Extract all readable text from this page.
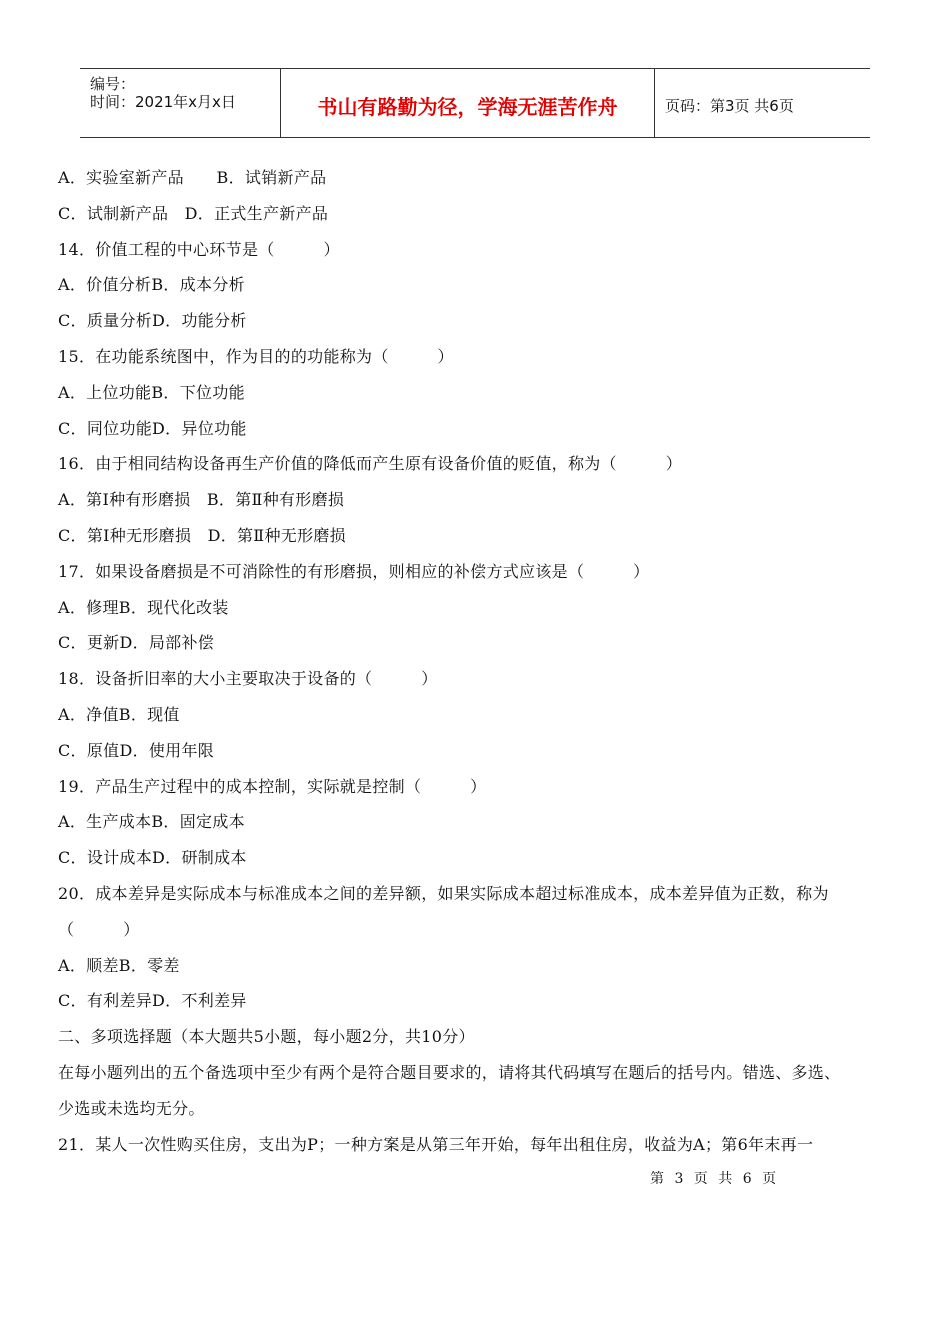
编号：
时间：2021年x月x日	书山有路勤为径，学海无涯苦作舟	页码：第3页 共6页
A．实验室新产品　　B．试销新产品
C．试制新产品　D．正式生产新产品
14．价值工程的中心环节是（　　　）
A．价值分析B．成本分析
C．质量分析D．功能分析
15．在功能系统图中，作为目的的功能称为（　　　）
A．上位功能B．下位功能
C．同位功能D．异位功能
16．由于相同结构设备再生产价值的降低而产生原有设备价值的贬值，称为（　　　）
A．第Ⅰ种有形磨损　B．第Ⅱ种有形磨损
C．第Ⅰ种无形磨损　D．第Ⅱ种无形磨损
17．如果设备磨损是不可消除性的有形磨损，则相应的补偿方式应该是（　　　）
A．修理B．现代化改装
C．更新D．局部补偿
18．设备折旧率的大小主要取决于设备的（　　　）
A．净值B．现值
C．原值D．使用年限
19．产品生产过程中的成本控制，实际就是控制（　　　）
A．生产成本B．固定成本
C．设计成本D．研制成本
20．成本差异是实际成本与标准成本之间的差异额，如果实际成本超过标准成本，成本差异值为正数，称为
（　　　）
A．顺差B．零差
C．有利差异D．不利差异
二、多项选择题（本大题共5小题，每小题2分，共10分）
在每小题列出的五个备选项中至少有两个是符合题目要求的，请将其代码填写在题后的括号内。错选、多选、
少选或未选均无分。
21．某人一次性购买住房，支出为P；一种方案是从第三年开始，每年出租住房，收益为A；第6年末再一
第 3 页 共 6 页
